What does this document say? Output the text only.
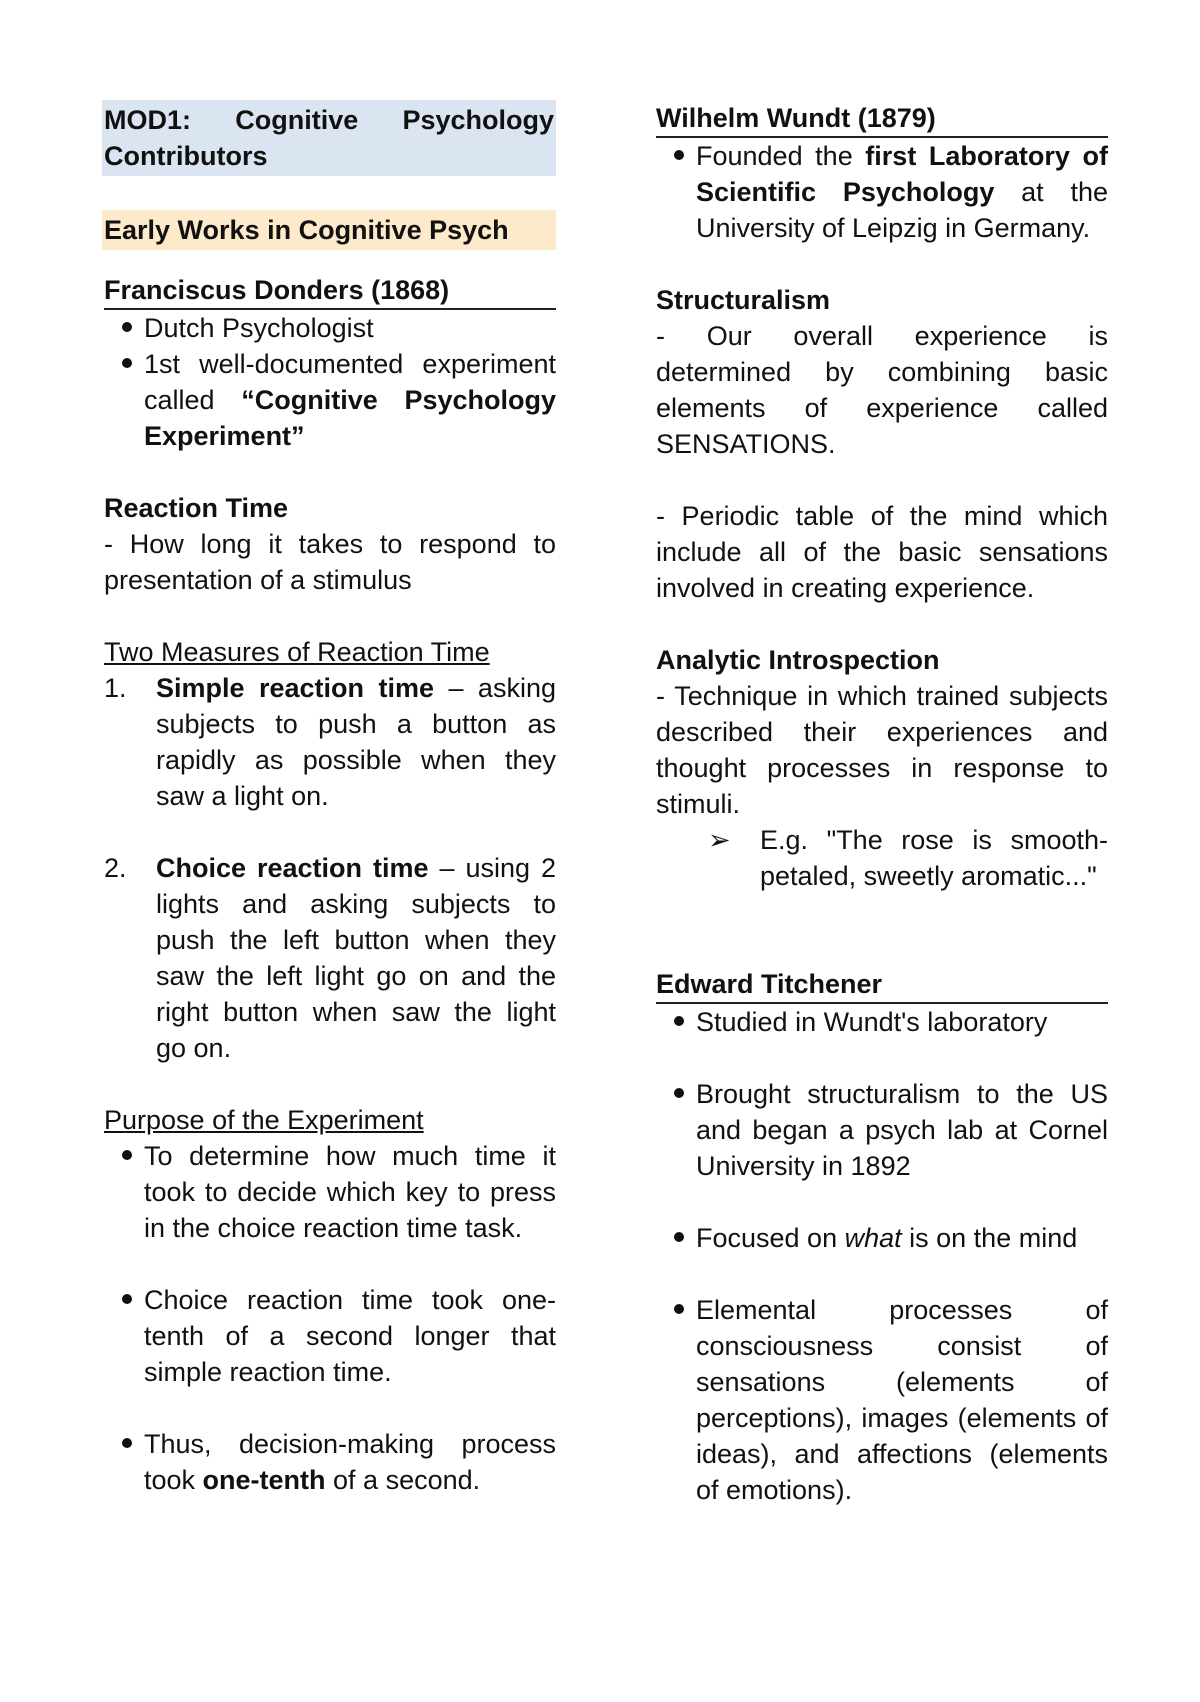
MOD1: Cognitive Psychology Contributors
Early Works in Cognitive Psych
Franciscus Donders (1868)
Dutch Psychologist
1st well-documented experiment called “Cognitive Psychology Experiment”
Reaction Time
- How long it takes to respond to presentation of a stimulus
Two Measures of Reaction Time
1. Simple reaction time – asking subjects to push a button as rapidly as possible when they saw a light on.
2. Choice reaction time – using 2 lights and asking subjects to push the left button when they saw the left light go on and the right button when saw the light go on.
Purpose of the Experiment
To determine how much time it took to decide which key to press in the choice reaction time task.
Choice reaction time took one-tenth of a second longer that simple reaction time.
Thus, decision-making process took one-tenth of a second.
Wilhelm Wundt (1879)
Founded the first Laboratory of Scientific Psychology at the University of Leipzig in Germany.
Structuralism
- Our overall experience is determined by combining basic elements of experience called SENSATIONS.
- Periodic table of the mind which include all of the basic sensations involved in creating experience.
Analytic Introspection
- Technique in which trained subjects described their experiences and thought processes in response to stimuli.
➢ E.g. "The rose is smooth-petaled, sweetly aromatic..."
Edward Titchener
Studied in Wundt's laboratory
Brought structuralism to the US and began a psych lab at Cornel University in 1892
Focused on what is on the mind
Elemental processes of consciousness consist of sensations (elements of perceptions), images (elements of ideas), and affections (elements of emotions).
